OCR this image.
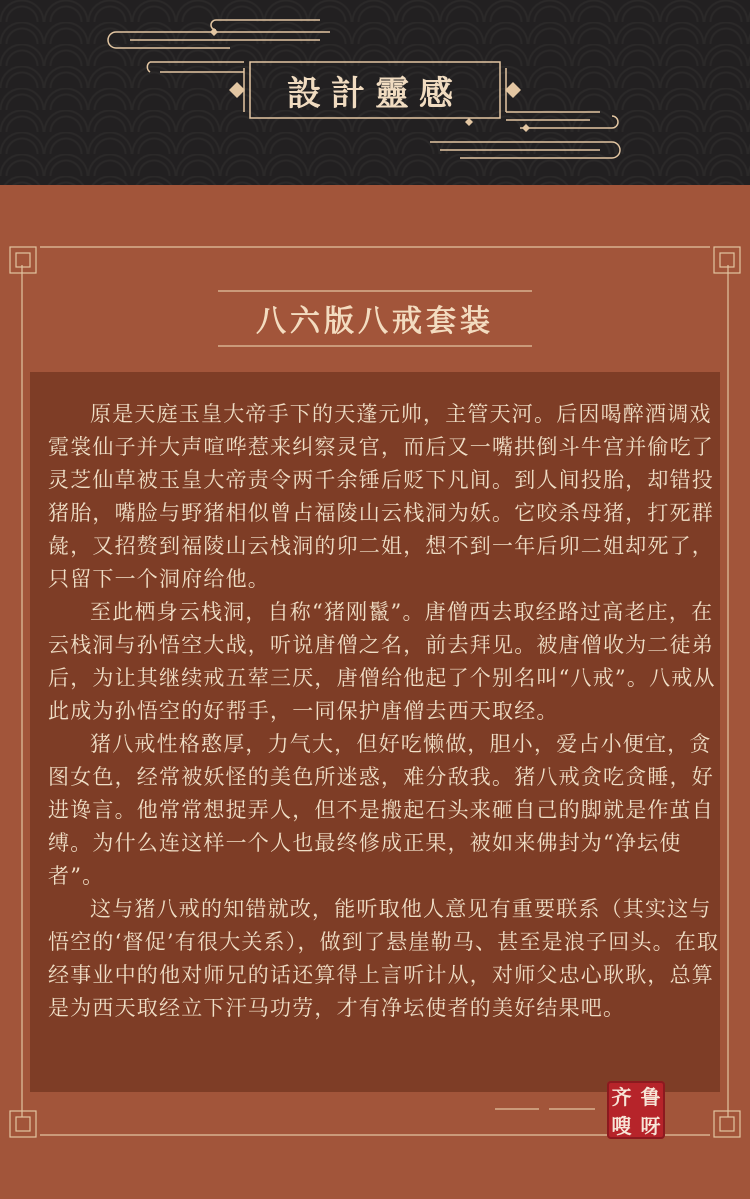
設計靈感
八六版八戒套装

原是天庭玉皇大帝手下的天蓬元帅，主管天河。后因喝醉酒调戏霓裳仙子并大声喧哗惹来纠察灵官，而后又一嘴拱倒斗牛宫并偷吃了灵芝仙草被玉皇大帝责令两千余锤后贬下凡间。到人间投胎，却错投猪胎，嘴脸与野猪相似曾占福陵山云栈洞为妖。它咬杀母猪，打死群彘，又招赘到福陵山云栈洞的卯二姐，想不到一年后卯二姐却死了，只留下一个洞府给他。

至此栖身云栈洞，自称“猪刚鬣”。唐僧西去取经路过高老庄，在云栈洞与孙悟空大战，听说唐僧之名，前去拜见。被唐僧收为二徒弟后，为让其继续戒五荤三厌，唐僧给他起了个别名叫“八戒”。八戒从此成为孙悟空的好帮手，一同保护唐僧去西天取经。

猪八戒性格憨厚，力气大，但好吃懒做，胆小，爱占小便宜，贪图女色，经常被妖怪的美色所迷惑，难分敌我。猪八戒贪吃贪睡，好进谗言。他常常想捉弄人，但不是搬起石头来砸自己的脚就是作茧自缚。为什么连这样一个人也最终修成正果，被如来佛封为“净坛使者”。

这与猪八戒的知错就改，能听取他人意见有重要联系（其实这与悟空的‘督促’有很大关系），做到了悬崖勒马、甚至是浪子回头。在取经事业中的他对师兄的话还算得上言听计从，对师父忠心耿耿，总算是为西天取经立下汗马功劳，才有净坛使者的美好结果吧。

齐 鲁
嗖 呀
